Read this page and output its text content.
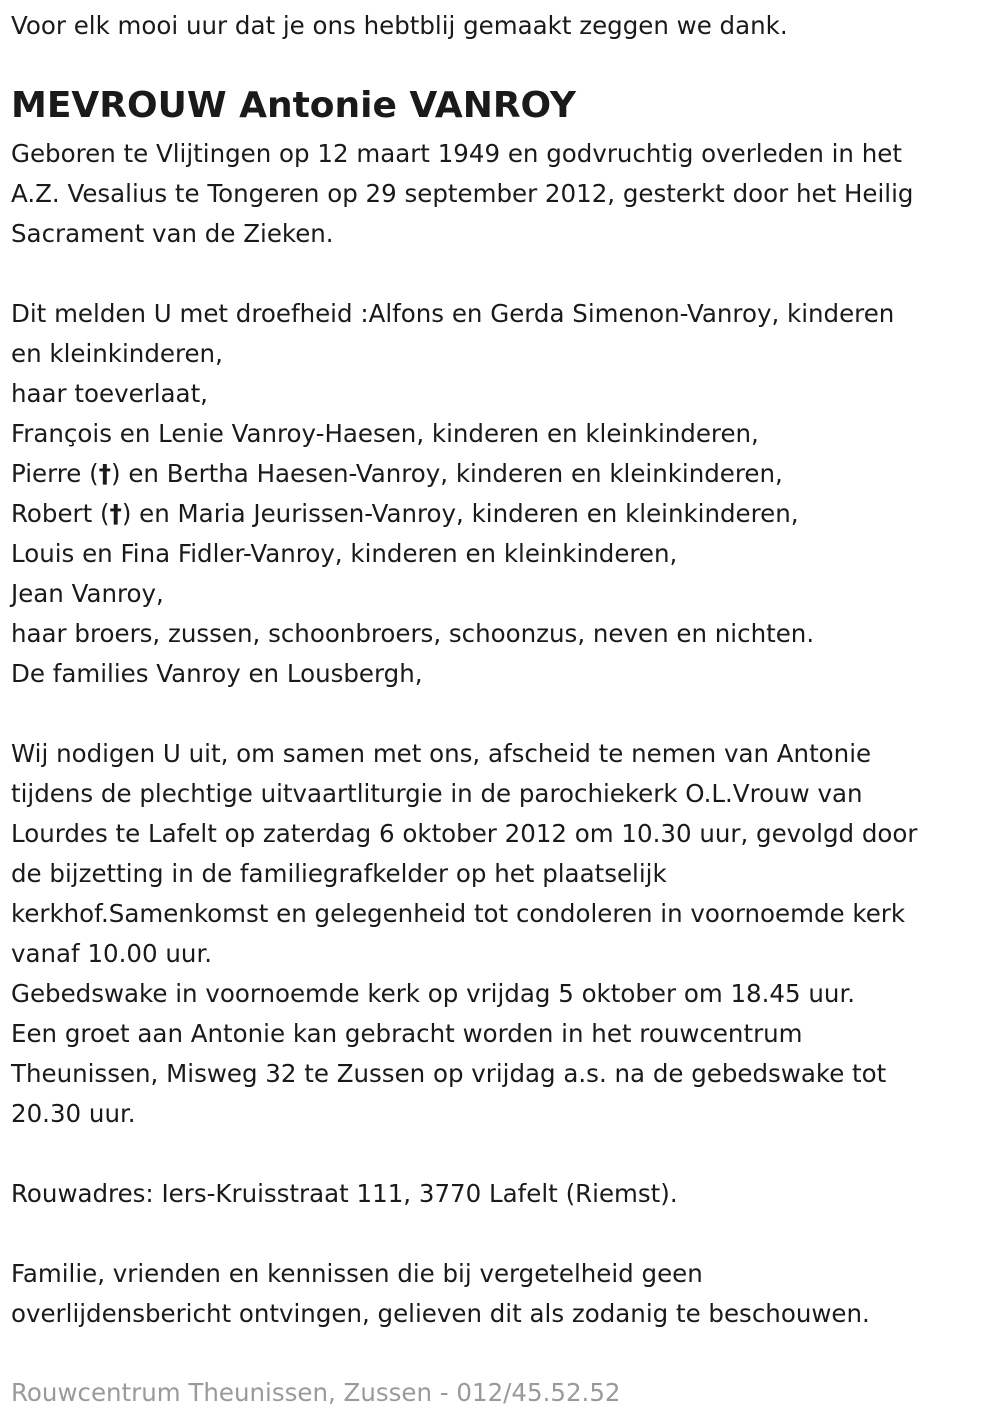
Voor elk mooi uur dat je ons hebtblij gemaakt zeggen we dank.
MEVROUW Antonie VANROY
Geboren te Vlijtingen op 12 maart 1949 en godvruchtig overleden in het
A.Z. Vesalius te Tongeren op 29 september 2012, gesterkt door het Heilig
Sacrament van de Zieken.
Dit melden U met droefheid :Alfons en Gerda Simenon-Vanroy, kinderen
en kleinkinderen,
haar toeverlaat,
François en Lenie Vanroy-Haesen, kinderen en kleinkinderen,
Pierre (†) en Bertha Haesen-Vanroy, kinderen en kleinkinderen,
Robert (†) en Maria Jeurissen-Vanroy, kinderen en kleinkinderen,
Louis en Fina Fidler-Vanroy, kinderen en kleinkinderen,
Jean Vanroy,
haar broers, zussen, schoonbroers, schoonzus, neven en nichten.
De families Vanroy en Lousbergh,
Wij nodigen U uit, om samen met ons, afscheid te nemen van Antonie
tijdens de plechtige uitvaartliturgie in de parochiekerk O.L.Vrouw van
Lourdes te Lafelt op zaterdag 6 oktober 2012 om 10.30 uur, gevolgd door
de bijzetting in de familiegrafkelder op het plaatselijk
kerkhof.Samenkomst en gelegenheid tot condoleren in voornoemde kerk
vanaf 10.00 uur.
Gebedswake in voornoemde kerk op vrijdag 5 oktober om 18.45 uur.
Een groet aan Antonie kan gebracht worden in het rouwcentrum
Theunissen, Misweg 32 te Zussen op vrijdag a.s. na de gebedswake tot
20.30 uur.
Rouwadres: Iers-Kruisstraat 111, 3770 Lafelt (Riemst).
Familie, vrienden en kennissen die bij vergetelheid geen
overlijdensbericht ontvingen, gelieven dit als zodanig te beschouwen.
Rouwcentrum Theunissen, Zussen - 012/45.52.52
